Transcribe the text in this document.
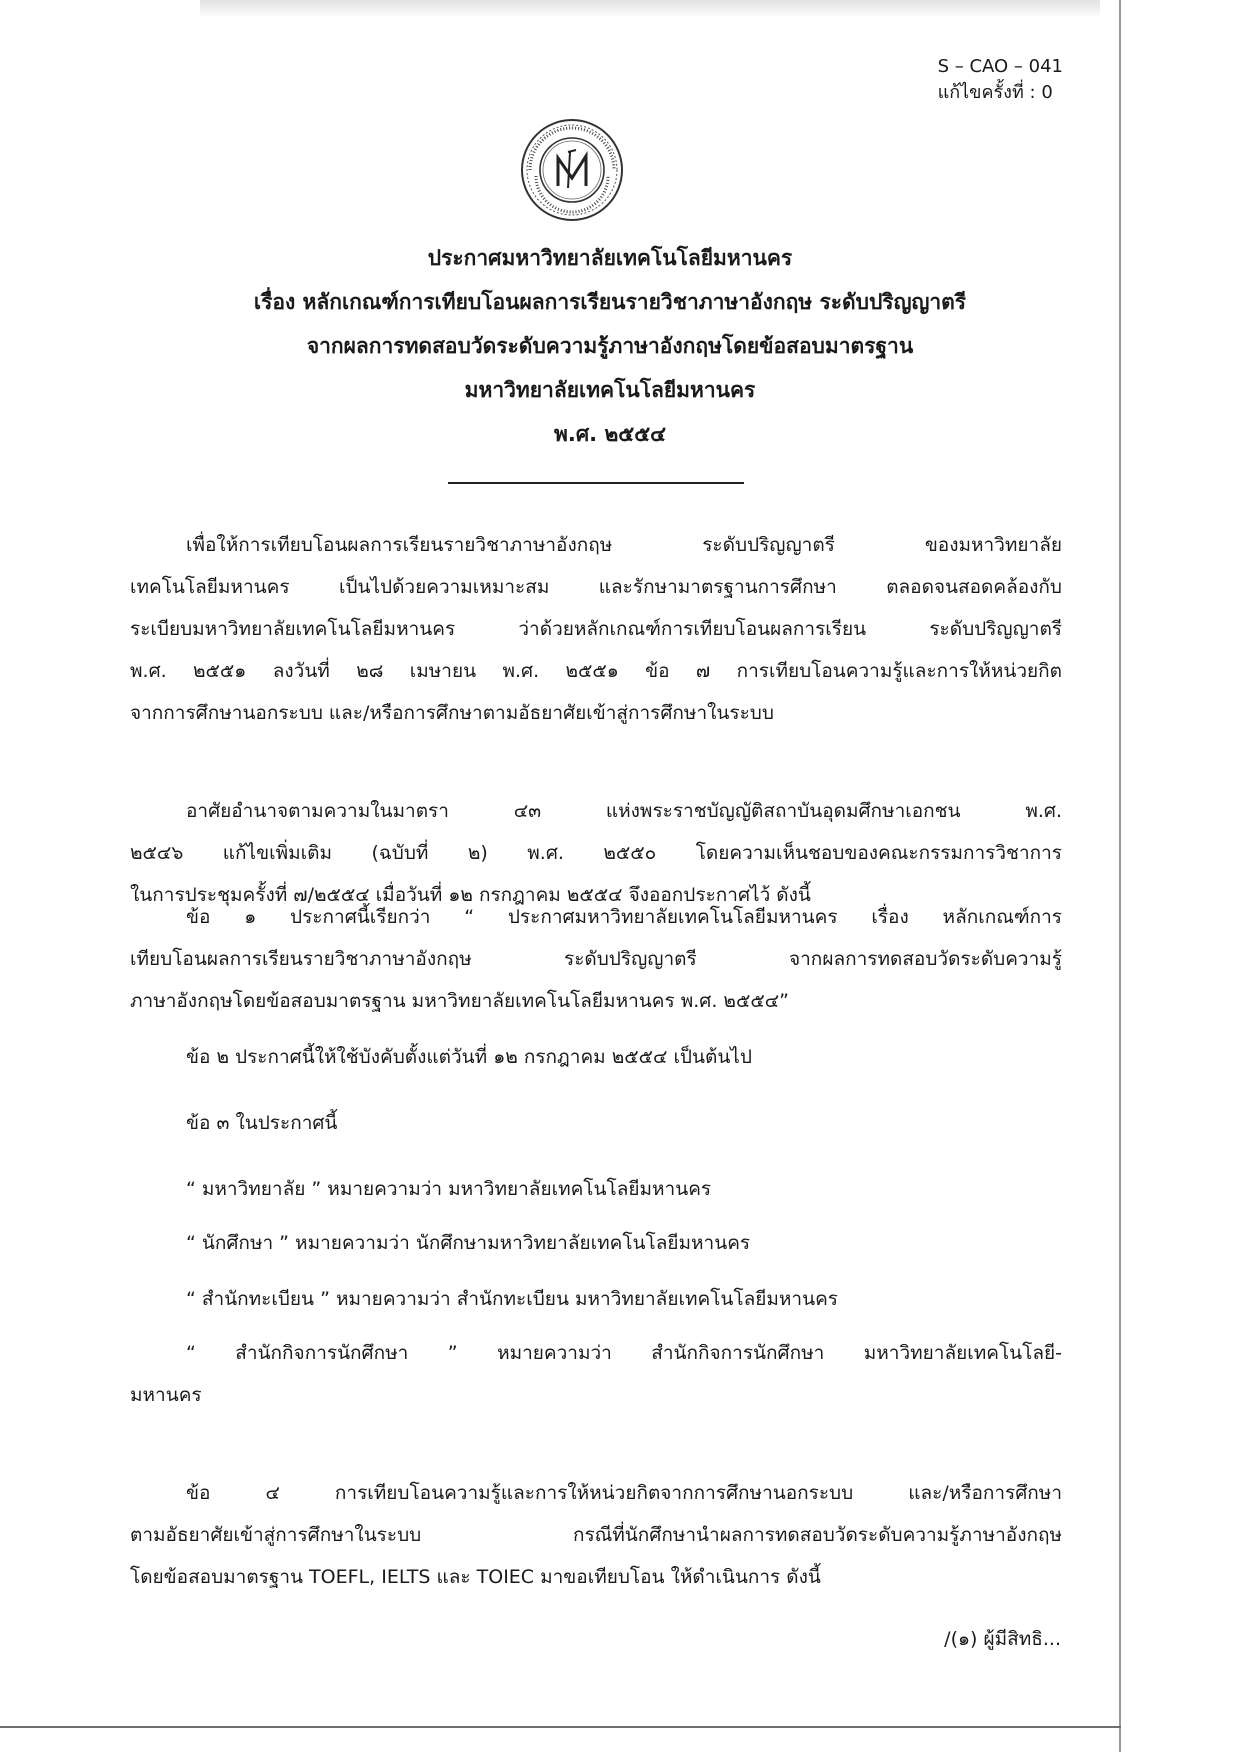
S – CAO – 041
แก้ไขครั้งที่ : 0
ประกาศมหาวิทยาลัยเทคโนโลยีมหานคร
เรื่อง หลักเกณฑ์การเทียบโอนผลการเรียนรายวิชาภาษาอังกฤษ ระดับปริญญาตรี
จากผลการทดสอบวัดระดับความรู้ภาษาอังกฤษโดยข้อสอบมาตรฐาน
มหาวิทยาลัยเทคโนโลยีมหานคร
พ.ศ. ๒๕๕๔
เพื่อให้การเทียบโอนผลการเรียนรายวิชาภาษาอังกฤษ ระดับปริญญาตรี ของมหาวิทยาลัย
เทคโนโลยีมหานคร เป็นไปด้วยความเหมาะสม และรักษามาตรฐานการศึกษา ตลอดจนสอดคล้องกับ
ระเบียบมหาวิทยาลัยเทคโนโลยีมหานคร ว่าด้วยหลักเกณฑ์การเทียบโอนผลการเรียน ระดับปริญญาตรี
พ.ศ. ๒๕๕๑ ลงวันที่ ๒๘ เมษายน พ.ศ. ๒๕๕๑ ข้อ ๗ การเทียบโอนความรู้และการให้หน่วยกิต
จากการศึกษานอกระบบ และ/หรือการศึกษาตามอัธยาศัยเข้าสู่การศึกษาในระบบ
อาศัยอำนาจตามความในมาตรา ๔๓ แห่งพระราชบัญญัติสถาบันอุดมศึกษาเอกชน พ.ศ.
๒๕๔๖ แก้ไขเพิ่มเติม (ฉบับที่ ๒) พ.ศ. ๒๕๕๐ โดยความเห็นชอบของคณะกรรมการวิชาการ
ในการประชุมครั้งที่ ๗/๒๕๕๔ เมื่อวันที่ ๑๒ กรกฎาคม ๒๕๕๔ จึงออกประกาศไว้ ดังนี้
ข้อ ๑ ประกาศนี้เรียกว่า “ ประกาศมหาวิทยาลัยเทคโนโลยีมหานคร เรื่อง หลักเกณฑ์การ
เทียบโอนผลการเรียนรายวิชาภาษาอังกฤษ ระดับปริญญาตรี จากผลการทดสอบวัดระดับความรู้
ภาษาอังกฤษโดยข้อสอบมาตรฐาน มหาวิทยาลัยเทคโนโลยีมหานคร พ.ศ. ๒๕๕๔”
ข้อ ๒ ประกาศนี้ให้ใช้บังคับตั้งแต่วันที่ ๑๒ กรกฎาคม ๒๕๕๔ เป็นต้นไป
ข้อ ๓ ในประกาศนี้
“ มหาวิทยาลัย ” หมายความว่า มหาวิทยาลัยเทคโนโลยีมหานคร
“ นักศึกษา ” หมายความว่า นักศึกษามหาวิทยาลัยเทคโนโลยีมหานคร
“ สำนักทะเบียน ” หมายความว่า สำนักทะเบียน มหาวิทยาลัยเทคโนโลยีมหานคร
“ สำนักกิจการนักศึกษา ” หมายความว่า สำนักกิจการนักศึกษา มหาวิทยาลัยเทคโนโลยี-
มหานคร
ข้อ ๔ การเทียบโอนความรู้และการให้หน่วยกิตจากการศึกษานอกระบบ และ/หรือการศึกษา
ตามอัธยาศัยเข้าสู่การศึกษาในระบบ กรณีที่นักศึกษานำผลการทดสอบวัดระดับความรู้ภาษาอังกฤษ
โดยข้อสอบมาตรฐาน TOEFL, IELTS และ TOIEC มาขอเทียบโอน ให้ดำเนินการ ดังนี้
/(๑) ผู้มีสิทธิ...
